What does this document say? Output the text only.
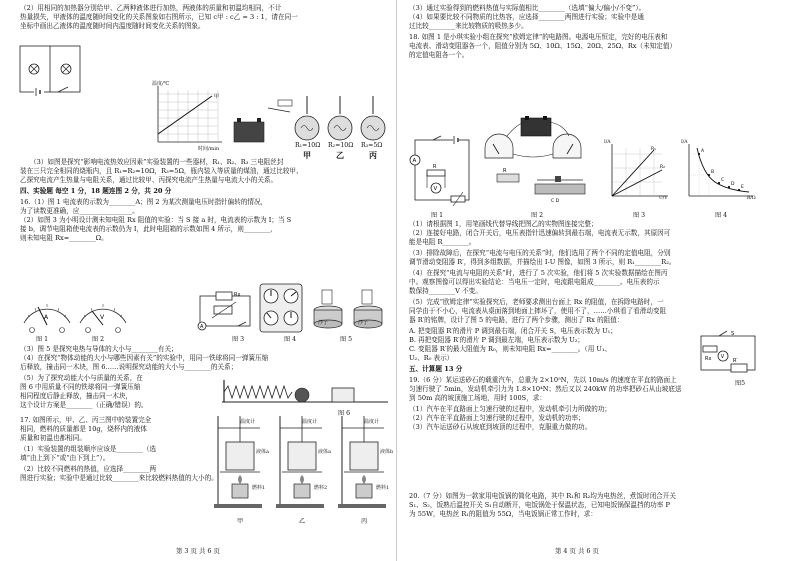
（2）用相同的加热器分别给甲、乙两种液体进行加热，两液体的质量和初温均相同，不计
热量损失，甲液体的温度随时间变化的关系图象如右图所示，已知 c甲 : c乙 = 3 : 1，请在同一
坐标中画出乙液体的温度随时间内温度随时间变化关系的图象。
甲
温度/℃
时间/min	R₁=10Ω R₂=10Ω R₃=5Ω
甲	乙	丙
（3）如图是探究“影响电流热效应因素”实验装置的一些器材，R₁、R₂、R₃ 三电阻丝封
装在三只完全相同的烧瓶内，且 R₁=R₂=10Ω，R₃=5Ω，瓶内装入等质量的煤油，通过比较甲、
乙探究电流产生热量与电阻关系，通过比较甲、丙探究电流产生热量与电流大小的关系。
四、实验题 每空 1 分，18 题连图 2 分，共 20 分
16.（1）图 1 电流表的示数为________A；图 2 为某次测量电压时指针偏转的情况，
为了读数更准确，应________________。
（2）如图 3 为小明设计测未知电阻 Rx 阻值的实验：当 S 接 a 时，电流表的示数为 I；当 S
接 b，调节电阻箱使电流表的示数仍为 I，此时电阻箱的示数如图 4 所示，则________，
则未知电阻 Rx=________Ω。
A	V
图 1	图 2
Rx
A
图 3	图 4
沙子	沙子
图 5
（3）图 5 是探究电热与导体的大小与________有关；
（4）在探究“物体动能的大小与哪些因素有关”的实验中，用同一铁球将同一弹簧压缩
后释放，撞击同一木块，图 6……说明探究动能的大小与________的关系；
（5）为了探究动能大小与质量的关系，在
图 6 中用质量不同的铁球将同一弹簧压缩
相同程度后静止释放，撞击同一木块，
这个设计方案是________（正确/错误）的。
图 6
17. 如图所示，甲、乙、丙三图中的装置完全
相同，燃料的质量都是 10g，烧杯内的液体
质量和初温也都相同。
（1）实验装置的组装顺序应该是________（选
填“由上到下”或“由下到上”）。
（2）比较不同燃料的热值，应选择________两
图进行实验；实验中是通过比较________来比较燃料热值的大小的。
温度计	温度计	温度计
液体a	液体a	液体b
燃料1	燃料2	燃料1
甲	乙	丙
第 3 页 共 6 页
（3）通过实验得到的燃料热值与实际值相比________（选填“偏大/偏小/不变”）。
（4）如果要比较不同物质的比热容，应选择________两图进行实验；实验中是通
过比较________来比较物质的吸热多少。
18. 如图 1 是小琪实验小组在探究“欧姆定律”的电路图。电源电压恒定，完好的电压表和
电流表、滑动变阻器各一个，阻值分别为 5Ω、10Ω、15Ω、20Ω、25Ω、Rx（未知定值）
的定值电阻各一个。
A
R
V
图 1
R
C D
图 2
R₁
R₂
I/A
U/V
图 3
A
B
C
D
E
I/A
R/Ω
图 4
（1）请根据图 1，用笔画线代替导线把图乙的实物图连接完整；
（2）连接好电路，闭合开关后，电压表指针迅速偏转到最右端，电流表无示数，其原因可
能是电阻 R________。
（3）排除故障后，在探究“电流与电压的关系”时，他们选用了两个不同的定值电阻，分别
调节滑动变阻器 R′，得到多组数据，并描绘出 I-U 图像，如图 3 所示，则 R₁________R₂。
（4）在探究“电流与电阻的关系”时，进行了 5 次实验，他们将 5 次实验数据描绘在图丙
中。观察图像可以得出实验结论：当电压一定时，电流跟电阻成________。电压表的示
数保持________V 不变。
（5）完成“欧姆定律”实验探究后，老师要求测出台面上 Rx 的阻值，在拆除电路时，一
同学由于不小心，电流表从桌面落到地面上摔坏了，使用不了，……小琪看了看滑动变阻
器 R′的铭牌，设计了图 5 的电路，进行了两个步骤，测出了 Rx 的阻值：
A. 把变阻器 R′的滑片 P 调到最右端，闭合开关 S，电压表示数为 U₁；
B. 再把变阻器 R′的滑片 P 调到最左端，电压表示数为 U₂；
C. 变阻器 R′的最大阻值为 R₀，则未知电阻 Rx=________。（用 U₁、
U₂、R₀ 表示）
S
R′
V
Rx
图5
五、计算题 13 分
19.（6 分）某运送砂石的载重汽车，总重为 2×10⁵N，先以 10m/s 的速度在平直的路面上
匀速行驶了 5min，发动机牵引力为 1.8×10⁴N；然后又以 240kW 的功率把砂石从山坡底送
到 50m 高的坡顶施工场地，用时 100S，求：
（1）汽车在平直路面上匀速行驶的过程中，发动机牵引力所做的功；
（2）汽车在平直路面上匀速行驶的过程中，发动机的功率；
（3）汽车运送砂石从坡底到坡顶的过程中，克服重力做的功。
20.（7 分）如图为一款家用电饭锅的简化电路，其中 R₁和 R₂均为电热丝，煮饭时闭合开关
S₁、S₂，饭熟后温控开关 S₁自动断开，电饭锅处于保温状态，已知电饭锅保温挡的功率 P
为 55W，电热丝 R₁的阻值为 55Ω，当电饭锅正常工作时，求：
第 4 页 共 6 页
